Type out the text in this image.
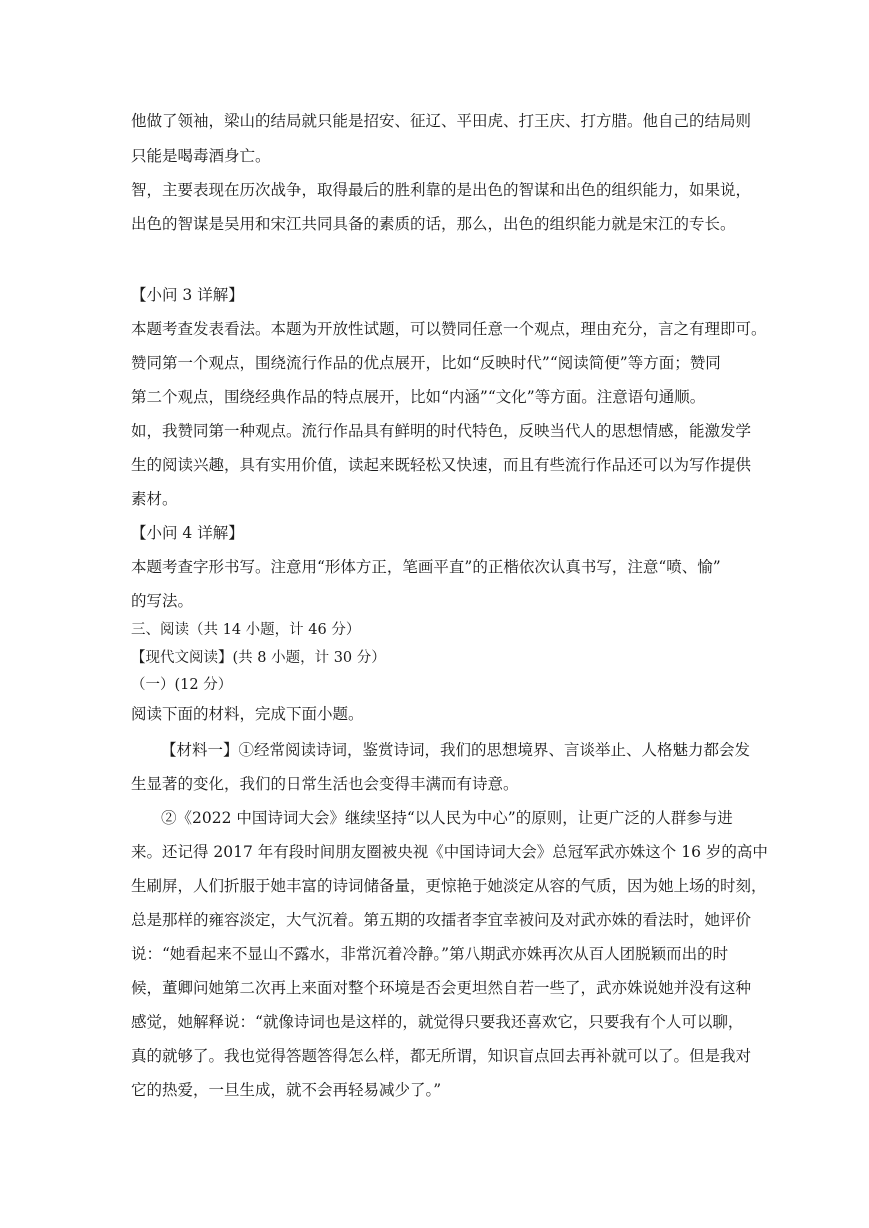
他做了领袖，梁山的结局就只能是招安、征辽、平田虎、打王庆、打方腊。他自己的结局则
只能是喝毒酒身亡。
智，主要表现在历次战争，取得最后的胜利靠的是出色的智谋和出色的组织能力，如果说，
出色的智谋是吴用和宋江共同具备的素质的话，那么，出色的组织能力就是宋江的专长。
【小问 3 详解】
本题考查发表看法。本题为开放性试题，可以赞同任意一个观点，理由充分，言之有理即可。
赞同第一个观点，围绕流行作品的优点展开，比如“反映时代”“阅读简便”等方面；赞同
第二个观点，围绕经典作品的特点展开，比如“内涵”“文化”等方面。注意语句通顺。
如，我赞同第一种观点。流行作品具有鲜明的时代特色，反映当代人的思想情感，能激发学
生的阅读兴趣，具有实用价值，读起来既轻松又快速，而且有些流行作品还可以为写作提供
素材。
【小问 4 详解】
本题考查字形书写。注意用“形体方正，笔画平直”的正楷依次认真书写，注意“喷、愉”
的写法。
三、阅读（共 14 小题，计 46 分）
【现代文阅读】(共 8 小题，计 30 分）
（一）(12 分）
阅读下面的材料，完成下面小题。
【材料一】①经常阅读诗词，鉴赏诗词，我们的思想境界、言谈举止、人格魅力都会发
生显著的变化，我们的日常生活也会变得丰满而有诗意。
②《2022 中国诗词大会》继续坚持“以人民为中心”的原则，让更广泛的人群参与进
来。还记得 2017 年有段时间朋友圈被央视《中国诗词大会》总冠军武亦姝这个 16 岁的高中
生刷屏，人们折服于她丰富的诗词储备量，更惊艳于她淡定从容的气质，因为她上场的时刻，
总是那样的雍容淡定，大气沉着。第五期的攻擂者李宜幸被问及对武亦姝的看法时，她评价
说：“她看起来不显山不露水，非常沉着冷静。”第八期武亦姝再次从百人团脱颖而出的时
候，董卿问她第二次再上来面对整个环境是否会更坦然自若一些了，武亦姝说她并没有这种
感觉，她解释说：“就像诗词也是这样的，就觉得只要我还喜欢它，只要我有个人可以聊，
真的就够了。我也觉得答题答得怎么样，都无所谓，知识盲点回去再补就可以了。但是我对
它的热爱，一旦生成，就不会再轻易减少了。”
